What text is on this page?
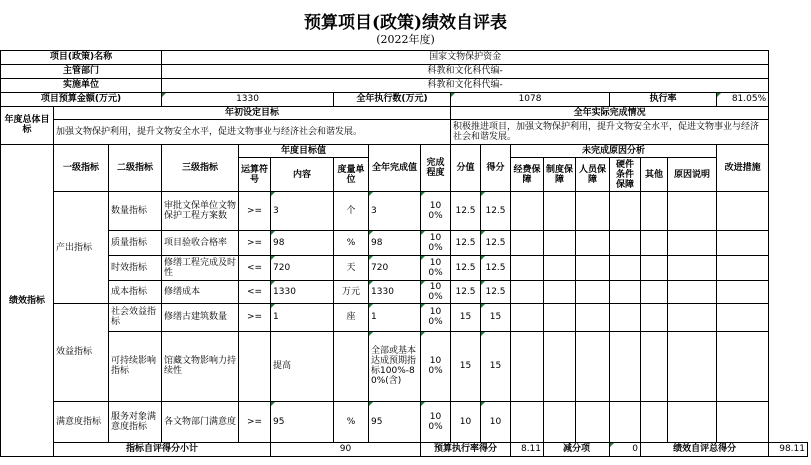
预算项目(政策)绩效自评表
(2022年度)
项目(政策)名称			国家文物保护资金															
主管部门			科教和文化科代编-															
实施单位			科教和文化科代编-															
项目预算金额(万元)			1330			全年执行数(万元)			1078					执行率			81.05%	
年度总体目标	年初设定目标								全年实际完成情况									
	加强文物保护利用，提升文物安全水平，促进文物事业与经济社会和谐发展。								积极推进项目，加强文物保护利用，提升文物安全水平，促进文物事业与经济社会和谐发展。									
绩效指标	一级指标	二级指标	三级指标	年度目标值			全年完成值	完成程度	分值	得分	未完成原因分析						改进措施	
				运算符号	内容	度量单位					经费保障	制度保障	人员保障	硬件条件保障	其他	原因说明		
	产出指标	数量指标	审批文保单位文物保护工程方案数	>=	3	个	3	100%	12.5	12.5								
		质量指标	项目验收合格率	>=	98	%	98	100%	12.5	12.5								
		时效指标	修缮工程完成及时性	<=	720	天	720	100%	12.5	12.5								
		成本指标	修缮成本	<=	1330	万元	1330	100%	12.5	12.5								
	效益指标	社会效益指标	修缮古建筑数量	>=	1	座	1	100%	15	15								
		可持续影响指标	馆藏文物影响力持续性		提高		全部或基本达成预期指标100%-80%(含)	100%	15	15								
	满意度指标	服务对象满意度指标	各文物部门满意度	>=	95	%	95	100%	10	10								
	指标自评得分小计				90			预算执行率得分			8.11	减分项		0	绩效自评总得分			98.11
